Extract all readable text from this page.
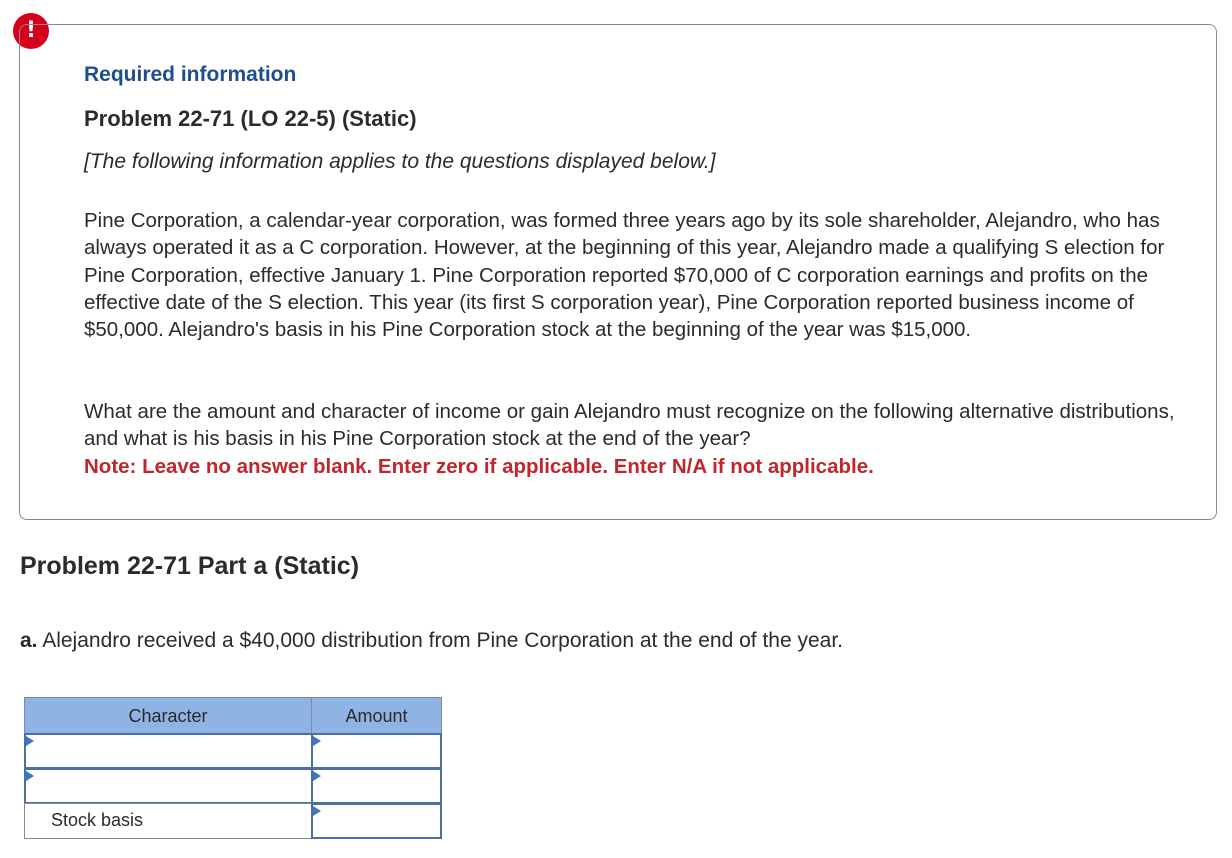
!
Required information
Problem 22-71 (LO 22-5) (Static)
[The following information applies to the questions displayed below.]
Pine Corporation, a calendar-year corporation, was formed three years ago by its sole shareholder, Alejandro, who has always operated it as a C corporation. However, at the beginning of this year, Alejandro made a qualifying S election for Pine Corporation, effective January 1. Pine Corporation reported $70,000 of C corporation earnings and profits on the effective date of the S election. This year (its first S corporation year), Pine Corporation reported business income of $50,000. Alejandro's basis in his Pine Corporation stock at the beginning of the year was $15,000.
What are the amount and character of income or gain Alejandro must recognize on the following alternative distributions, and what is his basis in his Pine Corporation stock at the end of the year?
Note: Leave no answer blank. Enter zero if applicable. Enter N/A if not applicable.
Problem 22-71 Part a (Static)
a. Alejandro received a $40,000 distribution from Pine Corporation at the end of the year.
Character	Amount
Stock basis
